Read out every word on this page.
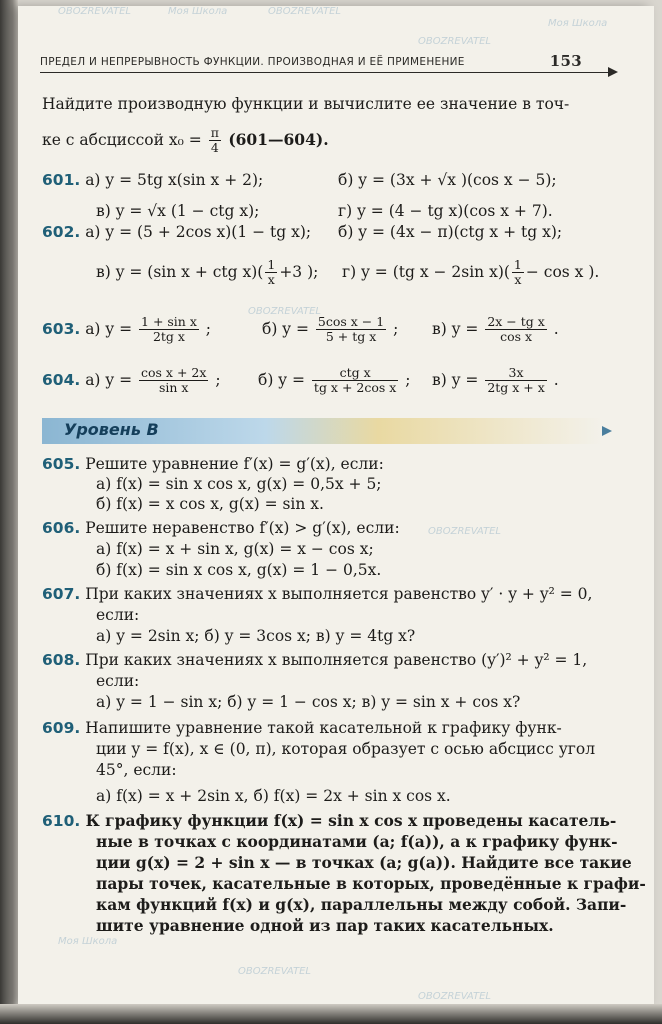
OBOZREVATEL	Моя Школа	OBOZREVATEL
Моя Школа
OBOZREVATEL
OBOZREVATEL
OBOZREVATEL
Моя Школа
OBOZREVATEL
OBOZREVATEL
ПРЕДЕЛ И НЕПРЕРЫВНОСТЬ ФУНКЦИИ. ПРОИЗВОДНАЯ И ЕЁ ПРИМЕНЕНИЕ	153
Найдите производную функции и вычислите ее значение в точ-
ке с абсциссой $x_0 = \frac{\pi}{4}$ (601—604).
601. а) y = 5tg x(sin x + 2);	б) y = (3x + √x )(cos x − 5);
в) y = √x (1 − ctg x);	г) y = (4 − tg x)(cos x + 7).
602. а) y = (5 + 2cos x)(1 − tg x); б) y = (4x − π)(ctg x + tg x);
в) y = (sin x + ctg $x)( \frac{1}{x} +3$ ); г) y = (tg x − 2sin $x)( \frac{1}{x} - \cos x$ ).
603. а) $y = \frac{\text{1 + sin x}}{\text{2tg x}}$ ;	б) $y = \frac{\text{5cos x − 1}}{\text{5 + tg x}}$ ; в) $y = \frac{\text{2x − tg x}}{\text{cos x}}$ .
604. а) $y = \frac{\text{cos x + 2x}}{\text{sin x}}$ ; б) $y = \frac{\text{ctg x}}{\text{tg x + 2cos x}}$ ; в) $y = \frac{3x}{\text{2tg x + x}}$ .
Уровень B
605. Решите уравнение f′(x) = g′(x), если:
а) f(x) = sin x cos x, g(x) = 0,5x + 5;
б) f(x) = x cos x, g(x) = sin x.
606. Решите неравенство f′(x) > g′(x), если:
а) f(x) = x + sin x, g(x) = x − cos x;
б) f(x) = sin x cos x, g(x) = 1 − 0,5x.
607. При каких значениях x выполняется равенство y′ · y + y² = 0,
если:
а) y = 2sin x; б) y = 3cos x; в) y = 4tg x?
608. При каких значениях x выполняется равенство (y′)² + y² = 1,
если:
а) y = 1 − sin x; б) y = 1 − cos x; в) y = sin x + cos x?
609. Напишите уравнение такой касательной к графику функ-
ции y = f(x), x ∈ (0, π), которая образует с осью абсцисс угол
45°, если:
а) f(x) = x + 2sin x, б) f(x) = 2x + sin x cos x.
610. К графику функции f(x) = sin x cos x проведены касатель-
ные в точках с координатами (a; f(a)), а к графику функ-
ции g(x) = 2 + sin x — в точках (a; g(a)). Найдите все такие
пары точек, касательные в которых, проведённые к графи-
кам функций f(x) и g(x), параллельны между собой. Запи-
шите уравнение одной из пар таких касательных.
